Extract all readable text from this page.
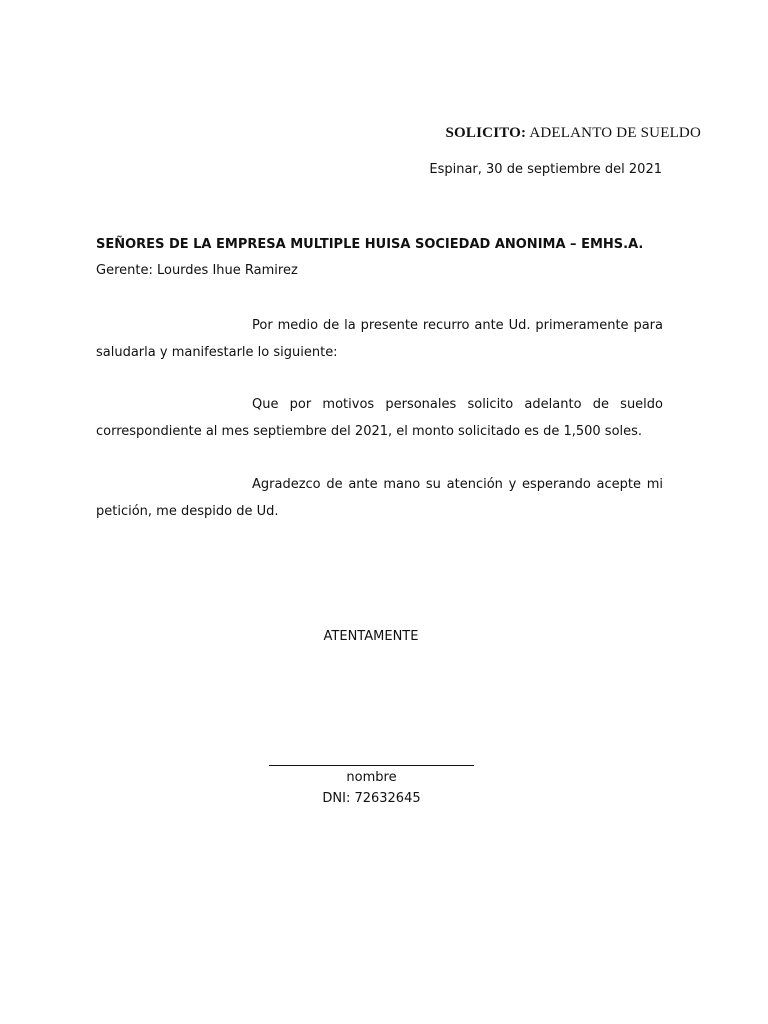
SOLICITO: ADELANTO DE SUELDO
Espinar, 30 de septiembre del 2021
SEÑORES DE LA EMPRESA MULTIPLE HUISA SOCIEDAD ANONIMA – EMHS.A.
Gerente: Lourdes Ihue Ramirez

Por medio de la presente recurro ante Ud. primeramente para saludarla y manifestarle lo siguiente:

Que por motivos personales solicito adelanto de sueldo correspondiente al mes septiembre del 2021, el monto solicitado es de 1,500 soles.

Agradezco de ante mano su atención y esperando acepte mi petición, me despido de Ud.

ATENTAMENTE
nombre
DNI: 72632645
